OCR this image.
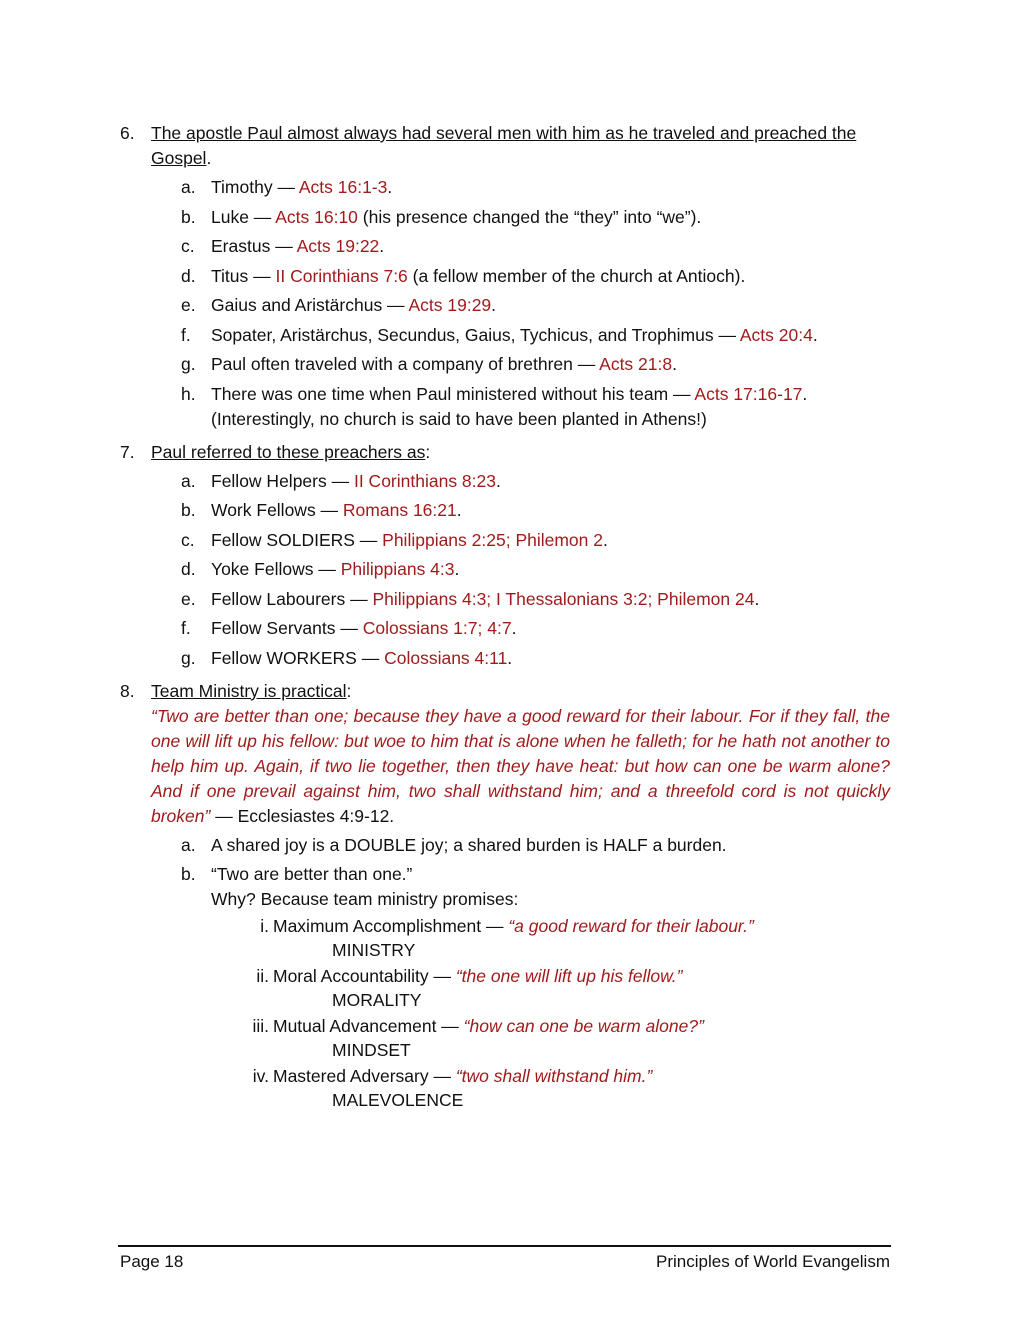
6. The apostle Paul almost always had several men with him as he traveled and preached the Gospel.
a. Timothy — Acts 16:1-3.
b. Luke — Acts 16:10 (his presence changed the “they” into “we”).
c. Erastus — Acts 19:22.
d. Titus — II Corinthians 7:6 (a fellow member of the church at Antioch).
e. Gaius and Aristärchus — Acts 19:29.
f. Sopater, Aristärchus, Secundus, Gaius, Tychicus, and Trophimus — Acts 20:4.
g. Paul often traveled with a company of brethren — Acts 21:8.
h. There was one time when Paul ministered without his team — Acts 17:16-17. (Interestingly, no church is said to have been planted in Athens!)
7. Paul referred to these preachers as:
a. Fellow Helpers — II Corinthians 8:23.
b. Work Fellows — Romans 16:21.
c. Fellow SOLDIERS — Philippians 2:25; Philemon 2.
d. Yoke Fellows — Philippians 4:3.
e. Fellow Labourers — Philippians 4:3; I Thessalonians 3:2; Philemon 24.
f. Fellow Servants — Colossians 1:7; 4:7.
g. Fellow WORKERS — Colossians 4:11.
8. Team Ministry is practical:
“Two are better than one; because they have a good reward for their labour. For if they fall, the one will lift up his fellow: but woe to him that is alone when he falleth; for he hath not another to help him up. Again, if two lie together, then they have heat: but how can one be warm alone? And if one prevail against him, two shall withstand him; and a threefold cord is not quickly broken” — Ecclesiastes 4:9-12.
a. A shared joy is a DOUBLE joy; a shared burden is HALF a burden.
b. “Two are better than one.”
Why? Because team ministry promises:
i. Maximum Accomplishment — “a good reward for their labour.”
MINISTRY
ii. Moral Accountability — “the one will lift up his fellow.”
MORALITY
iii. Mutual Advancement — “how can one be warm alone?”
MINDSET
iv. Mastered Adversary — “two shall withstand him.”
MALEVOLENCE
Page 18	Principles of World Evangelism
